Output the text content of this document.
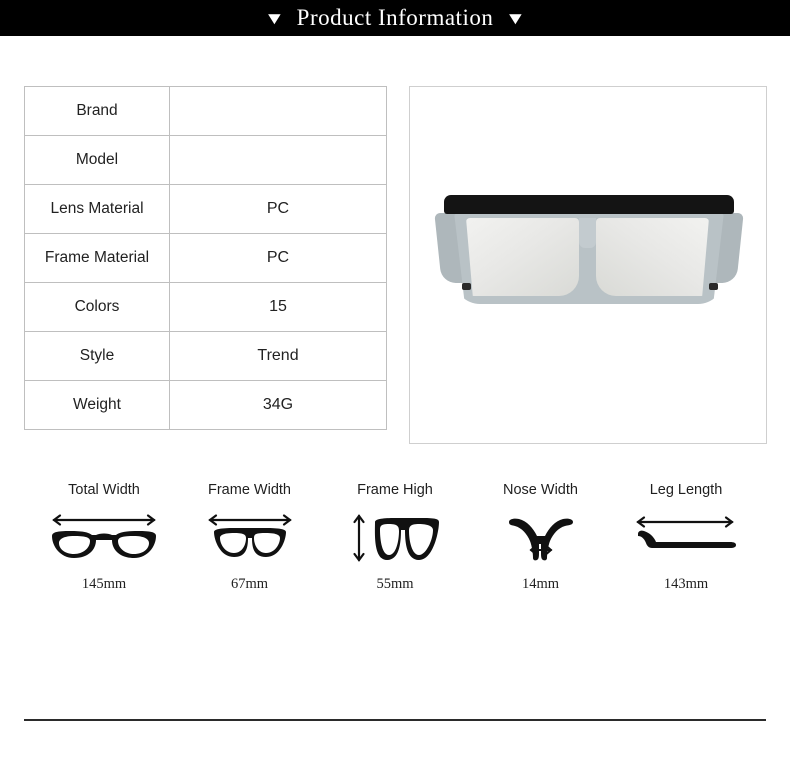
▼ Product Information ▼
Brand	
Model	
Lens Material	PC
Frame Material	PC
Colors	15
Style	Trend
Weight	34G
Total Width
145mm
Frame Width
67mm
Frame High
55mm
Nose Width
14mm
Leg Length
143mm
